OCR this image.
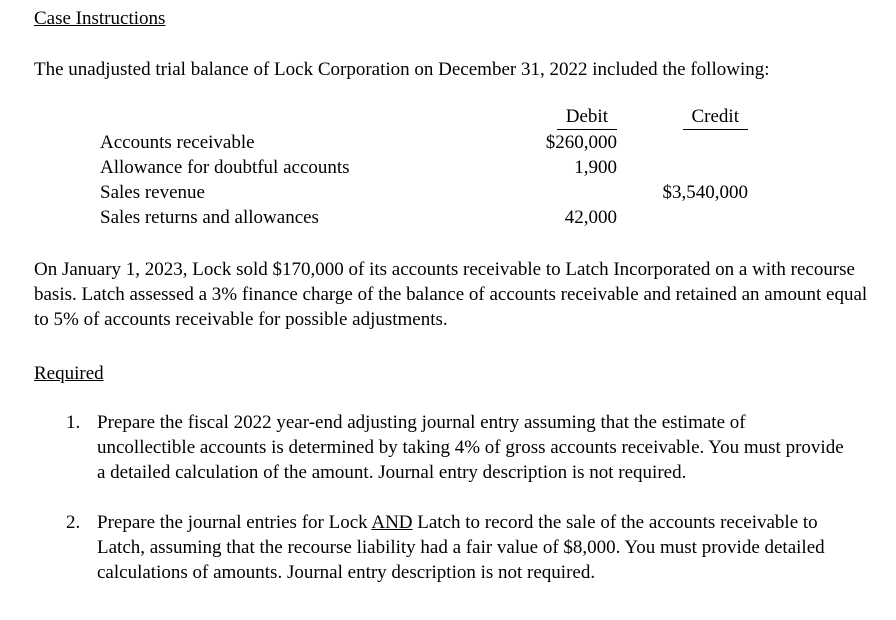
Case Instructions

The unadjusted trial balance of Lock Corporation on December 31, 2022 included the following:

	Debit	Credit
Accounts receivable	$260,000	
Allowance for doubtful accounts	1,900	
Sales revenue		$3,540,000
Sales returns and allowances	42,000	

On January 1, 2023, Lock sold $170,000 of its accounts receivable to Latch Incorporated on a with recourse basis. Latch assessed a 3% finance charge of the balance of accounts receivable and retained an amount equal to 5% of accounts receivable for possible adjustments.

Required
1. Prepare the fiscal 2022 year-end adjusting journal entry assuming that the estimate of uncollectible accounts is determined by taking 4% of gross accounts receivable. You must provide a detailed calculation of the amount. Journal entry description is not required.
2. Prepare the journal entries for Lock AND Latch to record the sale of the accounts receivable to Latch, assuming that the recourse liability had a fair value of $8,000. You must provide detailed calculations of amounts. Journal entry description is not required.
